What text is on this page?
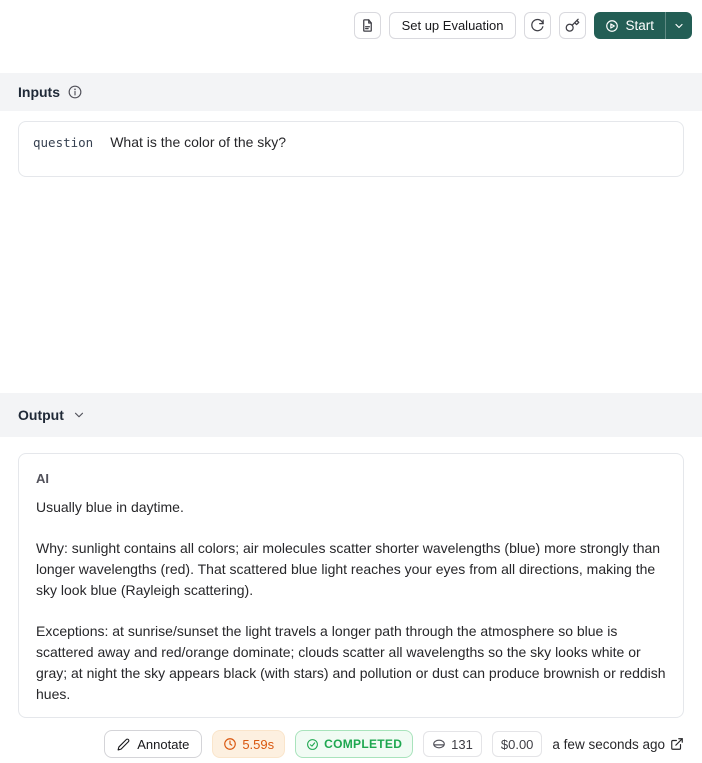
Set up Evaluation	Start
Inputs
question What is the color of the sky?
Output
AI

Usually blue in daytime.

Why: sunlight contains all colors; air molecules scatter shorter wavelengths (blue) more strongly than longer wavelengths (red). That scattered blue light reaches your eyes from all directions, making the sky look blue (Rayleigh scattering).

Exceptions: at sunrise/sunset the light travels a longer path through the atmosphere so blue is scattered away and red/orange dominate; clouds scatter all wavelengths so the sky looks white or gray; at night the sky appears black (with stars) and pollution or dust can produce brownish or reddish hues.

Annotate	5.59s	COMPLETED	131 $0.00 a few seconds ago
